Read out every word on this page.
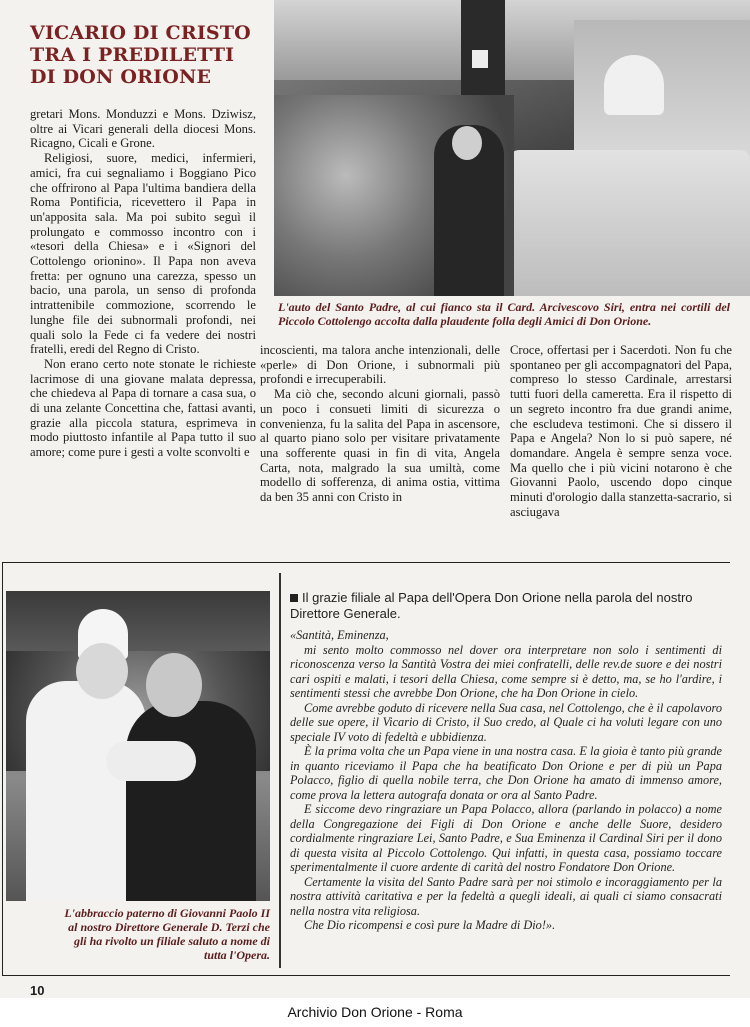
VICARIO DI CRISTO
TRA I PREDILETTI
DI DON ORIONE

gretari Mons. Monduzzi e Mons. Dziwisz, oltre ai Vicari generali della diocesi Mons. Ricagno, Cicali e Grone.

Religiosi, suore, medici, infermieri, amici, fra cui segnaliamo i Boggiano Pico che offrirono al Papa l'ultima bandiera della Roma Pontificia, ricevettero il Papa in un'apposita sala. Ma poi subito seguì il prolungato e commosso incontro con i «tesori della Chiesa» e i «Signori del Cottolengo orionino». Il Papa non aveva fretta: per ognuno una carezza, spesso un bacio, una parola, un senso di profonda intrattenibile commozione, scorrendo le lunghe file dei subnormali profondi, nei quali solo la Fede ci fa vedere dei nostri fratelli, eredi del Regno di Cristo.

Non erano certo note stonate le richieste lacrimose di una giovane malata depressa, che chiedeva al Papa di tornare a casa sua, o di una zelante Concettina che, fattasi avanti, grazie alla piccola statura, esprimeva in modo piuttosto infantile al Papa tutto il suo amore; come pure i gesti a volte sconvolti e

L'auto del Santo Padre, al cui fianco sta il Card. Arcivescovo Siri, entra nei cortili del Piccolo Cottolengo accolta dalla plaudente folla degli Amici di Don Orione.

incoscienti, ma talora anche intenzionali, delle «perle» di Don Orione, i subnormali più profondi e irrecuperabili.

Ma ciò che, secondo alcuni giornali, passò un poco i consueti limiti di sicurezza o convenienza, fu la salita del Papa in ascensore, al quarto piano solo per visitare privatamente una sofferente quasi in fin di vita, Angela Carta, nota, malgrado la sua umiltà, come modello di sofferenza, di anima ostia, vittima da ben 35 anni con Cristo in

Croce, offertasi per i Sacerdoti. Non fu che spontaneo per gli accompagnatori del Papa, compreso lo stesso Cardinale, arrestarsi tutti fuori della cameretta. Era il rispetto di un segreto incontro fra due grandi anime, che escludeva testimoni. Che si dissero il Papa e Angela? Non lo si può sapere, né domandare. Angela è sempre senza voce. Ma quello che i più vicini notarono è che Giovanni Paolo, uscendo dopo cinque minuti d'orologio dalla stanzetta-sacrario, si asciugava

L'abbraccio paterno di Giovanni Paolo II al nostro Direttore Generale D. Terzi che gli ha rivolto un filiale saluto a nome di tutta l'Opera.
Il grazie filiale al Papa dell'Opera Don Orione nella parola del nostro Direttore Generale.

«Santità, Eminenza,

mi sento molto commosso nel dover ora interpretare non solo i sentimenti di riconoscenza verso la Santità Vostra dei miei confratelli, delle rev.de suore e dei nostri cari ospiti e malati, i tesori della Chiesa, come sempre si è detto, ma, se ho l'ardire, i sentimenti stessi che avrebbe Don Orione, che ha Don Orione in cielo.

Come avrebbe goduto di ricevere nella Sua casa, nel Cottolengo, che è il capolavoro delle sue opere, il Vicario di Cristo, il Suo credo, al Quale ci ha voluti legare con uno speciale IV voto di fedeltà e ubbidienza.

È la prima volta che un Papa viene in una nostra casa. E la gioia è tanto più grande in quanto riceviamo il Papa che ha beatificato Don Orione e per di più un Papa Polacco, figlio di quella nobile terra, che Don Orione ha amato di immenso amore, come prova la lettera autografa donata or ora al Santo Padre.

E siccome devo ringraziare un Papa Polacco, allora (parlando in polacco) a nome della Congregazione dei Figli di Don Orione e anche delle Suore, desidero cordialmente ringraziare Lei, Santo Padre, e Sua Eminenza il Cardinal Siri per il dono di questa visita al Piccolo Cottolengo. Qui infatti, in questa casa, possiamo toccare sperimentalmente il cuore ardente di carità del nostro Fondatore Don Orione.

Certamente la visita del Santo Padre sarà per noi stimolo e incoraggiamento per la nostra attività caritativa e per la fedeltà a quegli ideali, ai quali ci siamo consacrati nella nostra vita religiosa.

Che Dio ricompensi e così pure la Madre di Dio!».

10
Archivio Don Orione - Roma
